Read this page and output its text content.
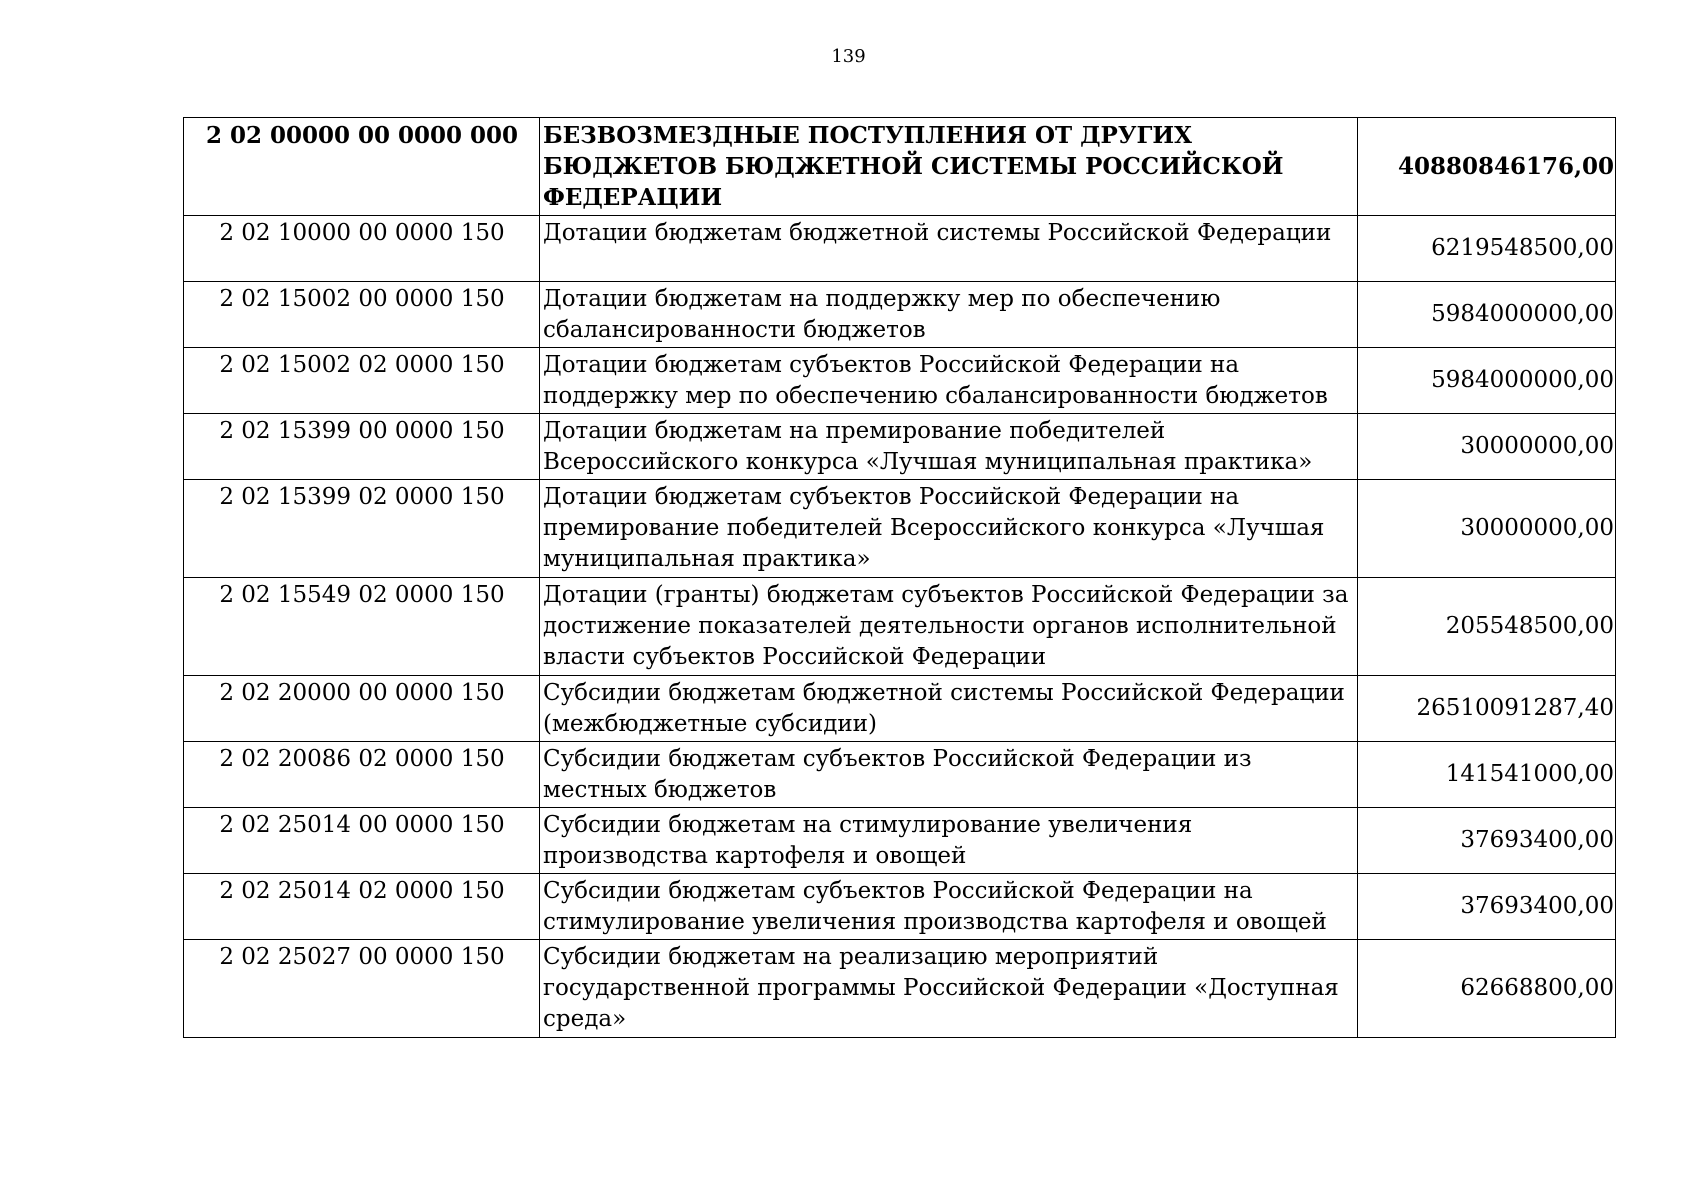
139
2 02 00000 00 0000 000	БЕЗВОЗМЕЗДНЫЕ ПОСТУПЛЕНИЯ ОТ ДРУГИХ БЮДЖЕТОВ БЮДЖЕТНОЙ СИСТЕМЫ РОССИЙСКОЙ ФЕДЕРАЦИИ	40880846176,00
2 02 10000 00 0000 150	Дотации бюджетам бюджетной системы Российской Федерации	6219548500,00
2 02 15002 00 0000 150	Дотации бюджетам на поддержку мер по обеспечению сбалансированности бюджетов	5984000000,00
2 02 15002 02 0000 150	Дотации бюджетам субъектов Российской Федерации на поддержку мер по обеспечению сбалансированности бюджетов	5984000000,00
2 02 15399 00 0000 150	Дотации бюджетам на премирование победителей Всероссийского конкурса «Лучшая муниципальная практика»	30000000,00
2 02 15399 02 0000 150	Дотации бюджетам субъектов Российской Федерации на премирование победителей Всероссийского конкурса «Лучшая муниципальная практика»	30000000,00
2 02 15549 02 0000 150	Дотации (гранты) бюджетам субъектов Российской Федерации за достижение показателей деятельности органов исполнительной власти субъектов Российской Федерации	205548500,00
2 02 20000 00 0000 150	Субсидии бюджетам бюджетной системы Российской Федерации (межбюджетные субсидии)	26510091287,40
2 02 20086 02 0000 150	Субсидии бюджетам субъектов Российской Федерации из местных бюджетов	141541000,00
2 02 25014 00 0000 150	Субсидии бюджетам на стимулирование увеличения производства картофеля и овощей	37693400,00
2 02 25014 02 0000 150	Субсидии бюджетам субъектов Российской Федерации на стимулирование увеличения производства картофеля и овощей	37693400,00
2 02 25027 00 0000 150	Субсидии бюджетам на реализацию мероприятий государственной программы Российской Федерации «Доступная среда»	62668800,00
